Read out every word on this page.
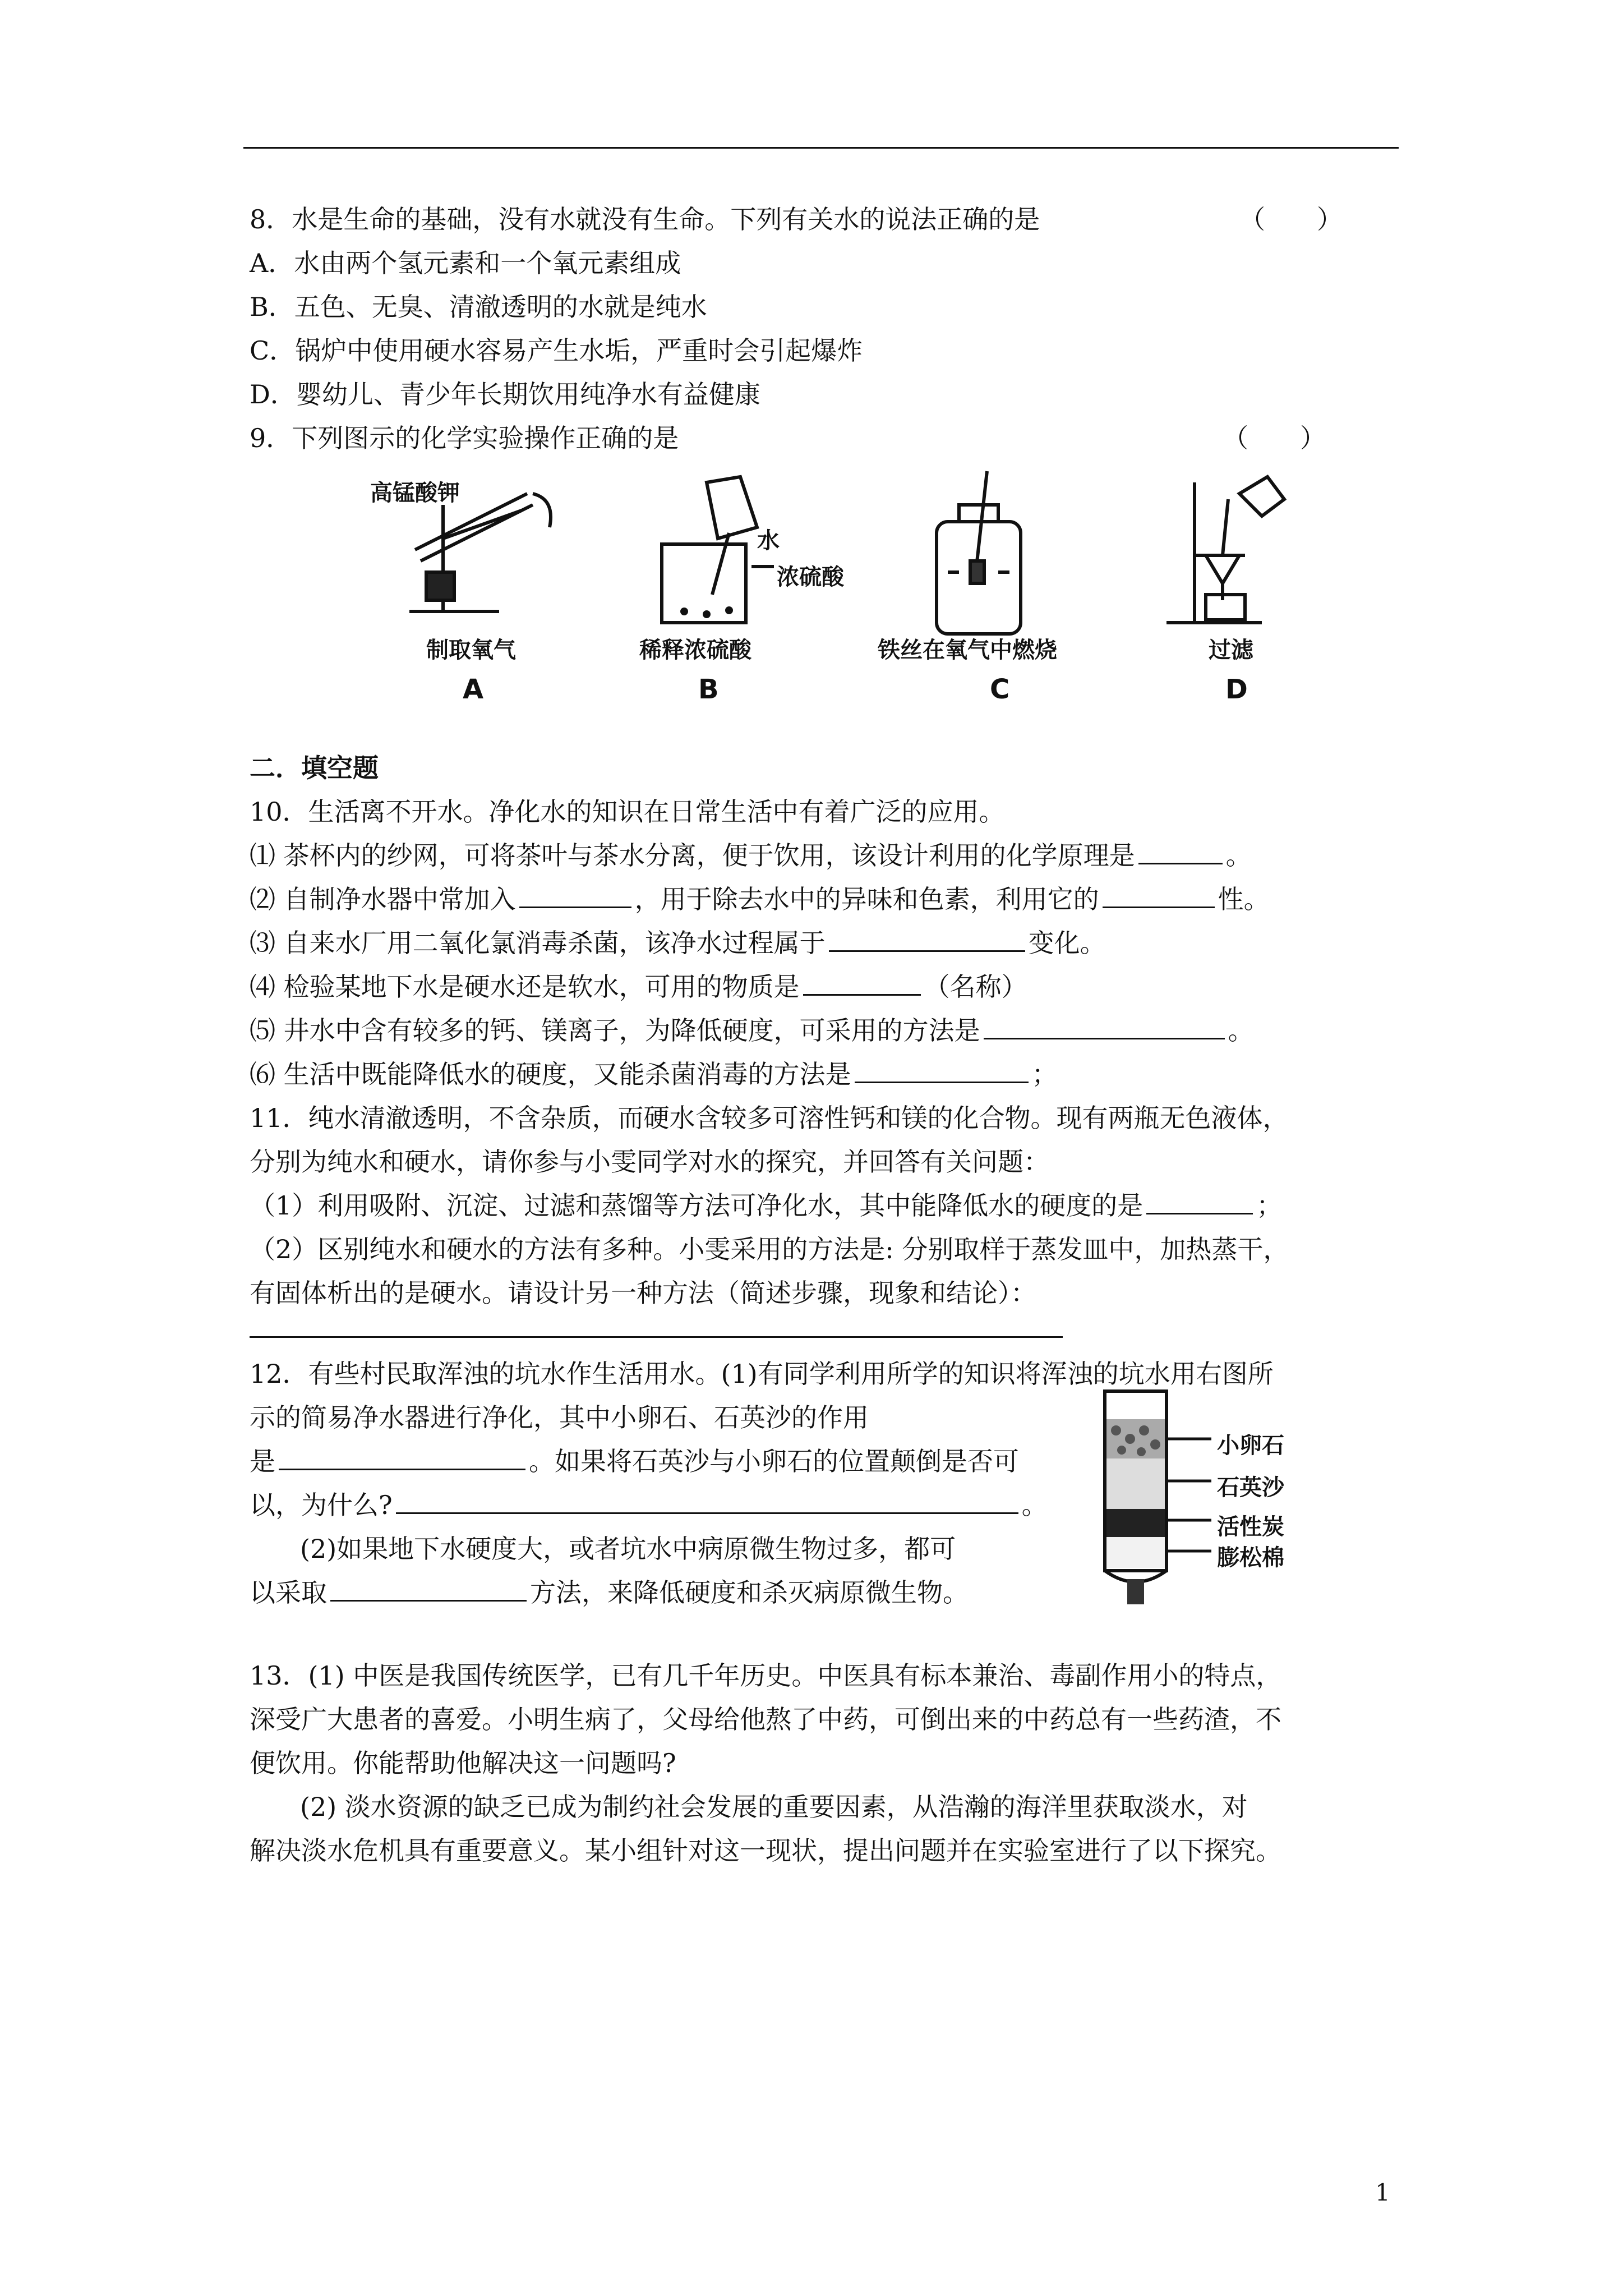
8．水是生命的基础，没有水就没有生命。下列有关水的说法正确的是	（　　）
A．水由两个氢元素和一个氧元素组成
B．五色、无臭、清澈透明的水就是纯水
C．锅炉中使用硬水容易产生水垢，严重时会引起爆炸
D．婴幼儿、青少年长期饮用纯净水有益健康
9．下列图示的化学实验操作正确的是	（　　）
高锰酸钾
制取氧气
A
水
浓硫酸
稀释浓硫酸
B
铁丝在氧气中燃烧
C
过滤
D
二．填空题
10．生活离不开水。净化水的知识在日常生活中有着广泛的应用。
⑴ 茶杯内的纱网，可将茶叶与茶水分离，便于饮用，该设计利用的化学原理是	。
⑵ 自制净水器中常加入	，用于除去水中的异味和色素，利用它的	性。
⑶ 自来水厂用二氧化氯消毒杀菌，该净水过程属于	变化。
⑷ 检验某地下水是硬水还是软水，可用的物质是	（名称）
⑸ 井水中含有较多的钙、镁离子，为降低硬度，可采用的方法是	。
⑹ 生活中既能降低水的硬度，又能杀菌消毒的方法是	；
11．纯水清澈透明，不含杂质，而硬水含较多可溶性钙和镁的化合物。现有两瓶无色液体，
分别为纯水和硬水，请你参与小雯同学对水的探究，并回答有关问题：
（1）利用吸附、沉淀、过滤和蒸馏等方法可净化水，其中能降低水的硬度的是	；
（2）区别纯水和硬水的方法有多种。小雯采用的方法是: 分别取样于蒸发皿中，加热蒸干，
有固体析出的是硬水。请设计另一种方法（简述步骤，现象和结论）：
12．有些村民取浑浊的坑水作生活用水。(1)有同学利用所学的知识将浑浊的坑水用右图所
示的简易净水器进行净化，其中小卵石、石英沙的作用
是	。如果将石英沙与小卵石的位置颠倒是否可
以，为什么?	。
(2)如果地下水硬度大，或者坑水中病原微生物过多，都可
以采取	方法，来降低硬度和杀灭病原微生物。
小卵石
石英沙
活性炭
膨松棉
13．(1) 中医是我国传统医学，已有几千年历史。中医具有标本兼治、毒副作用小的特点，
深受广大患者的喜爱。小明生病了，父母给他熬了中药，可倒出来的中药总有一些药渣，不
便饮用。你能帮助他解决这一问题吗?
(2) 淡水资源的缺乏已成为制约社会发展的重要因素，从浩瀚的海洋里获取淡水，对
解决淡水危机具有重要意义。某小组针对这一现状，提出问题并在实验室进行了以下探究。
1
